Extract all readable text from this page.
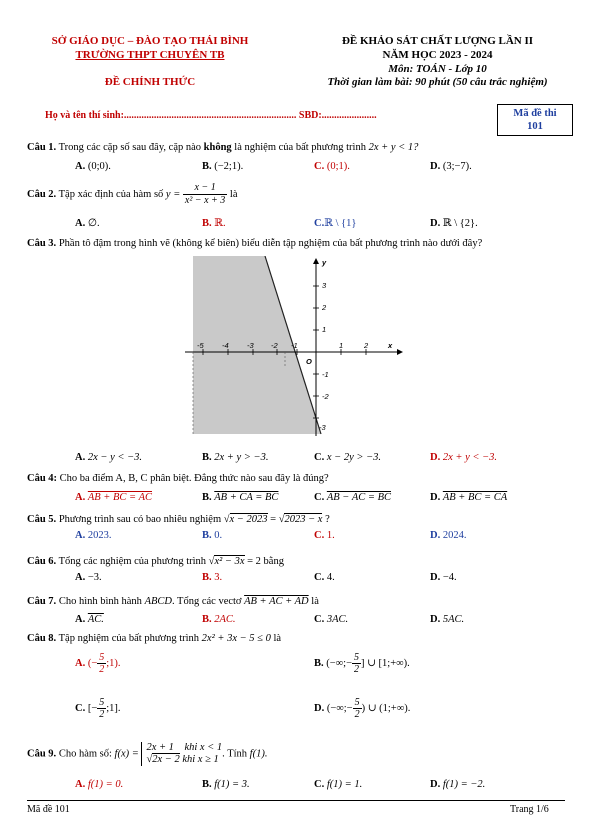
SỞ GIÁO DỤC – ĐÀO TẠO THÁI BÌNH
TRƯỜNG THPT CHUYÊN TB
ĐỀ CHÍNH THỨC
ĐỀ KHẢO SÁT CHẤT LƯỢNG LẦN II
NĂM HỌC 2023 - 2024
Môn: TOÁN - Lớp 10
Thời gian làm bài: 90 phút (50 câu trắc nghiệm)
Họ và tên thí sinh:..................................................................... SBD:......................	Mã đề thi
101
Câu 1. Trong các cặp số sau đây, cặp nào không là nghiệm của bất phương trình 2x + y < 1?
A. (0;0).	B. (−2;1).	C. (0;1).	D. (3;−7).
Câu 2. Tập xác định của hàm số $y = \frac{x - 1}{\text{x² − x + 3}}$ là
A. ∅.	B. ℝ.	C.ℝ \ {1}	D. ℝ \ {2}.
Câu 3. Phần tô đậm trong hình vẽ (không kể biên) biểu diễn tập nghiệm của bất phương trình nào dưới đây?
-5 -4 -3 -2 -1	1	2	x
3
2
1
-1
-2
-3
y
O
A. 2x − y < −3.	B. 2x + y > −3.	C. x − 2y > −3.	D. 2x + y < −3.
Câu 4: Cho ba điểm A, B, C phân biệt. Đẳng thức nào sau đây là đúng?
A. AB + BC = AC	B. AB + CA = BC	C. AB − AC = BC	D. AB + BC = CA
Câu 5. Phương trình sau có bao nhiêu nghiệm √x − 2023 = √2023 − x ?
A. 2023.	B. 0.	C. 1.	D. 2024.
Câu 6. Tổng các nghiệm của phương trình √x² − 3x = 2 bằng
A. −3.	B. 3.	C. 4.	D. −4.
Câu 7. Cho hình bình hành ABCD. Tổng các vectơ AB + AC + AD là
A. AC.	B. 2AC.	C. 3AC.	D. 5AC.
Câu 8. Tập nghiệm của bất phương trình 2x² + 3x − 5 ≤ 0 là
A. (− $\frac{5}{2}$ ;1).	B. (−∞;− $\frac{5}{2}$ ] ∪ [1;+∞).
C. [− $\frac{5}{2}$ ;1].	D. (−∞;− $\frac{5}{2}$ ) ∪ (1;+∞).
Câu 9. Cho hàm số: f(x) =
2x + 1 khi x < 1
√2x − 2 khi x ≥ 1
. Tính f(1).
A. f(1) = 0.	B. f(1) = 3.	C. f(1) = 1.	D. f(1) = −2.
Mã đề 101	Trang 1/6
